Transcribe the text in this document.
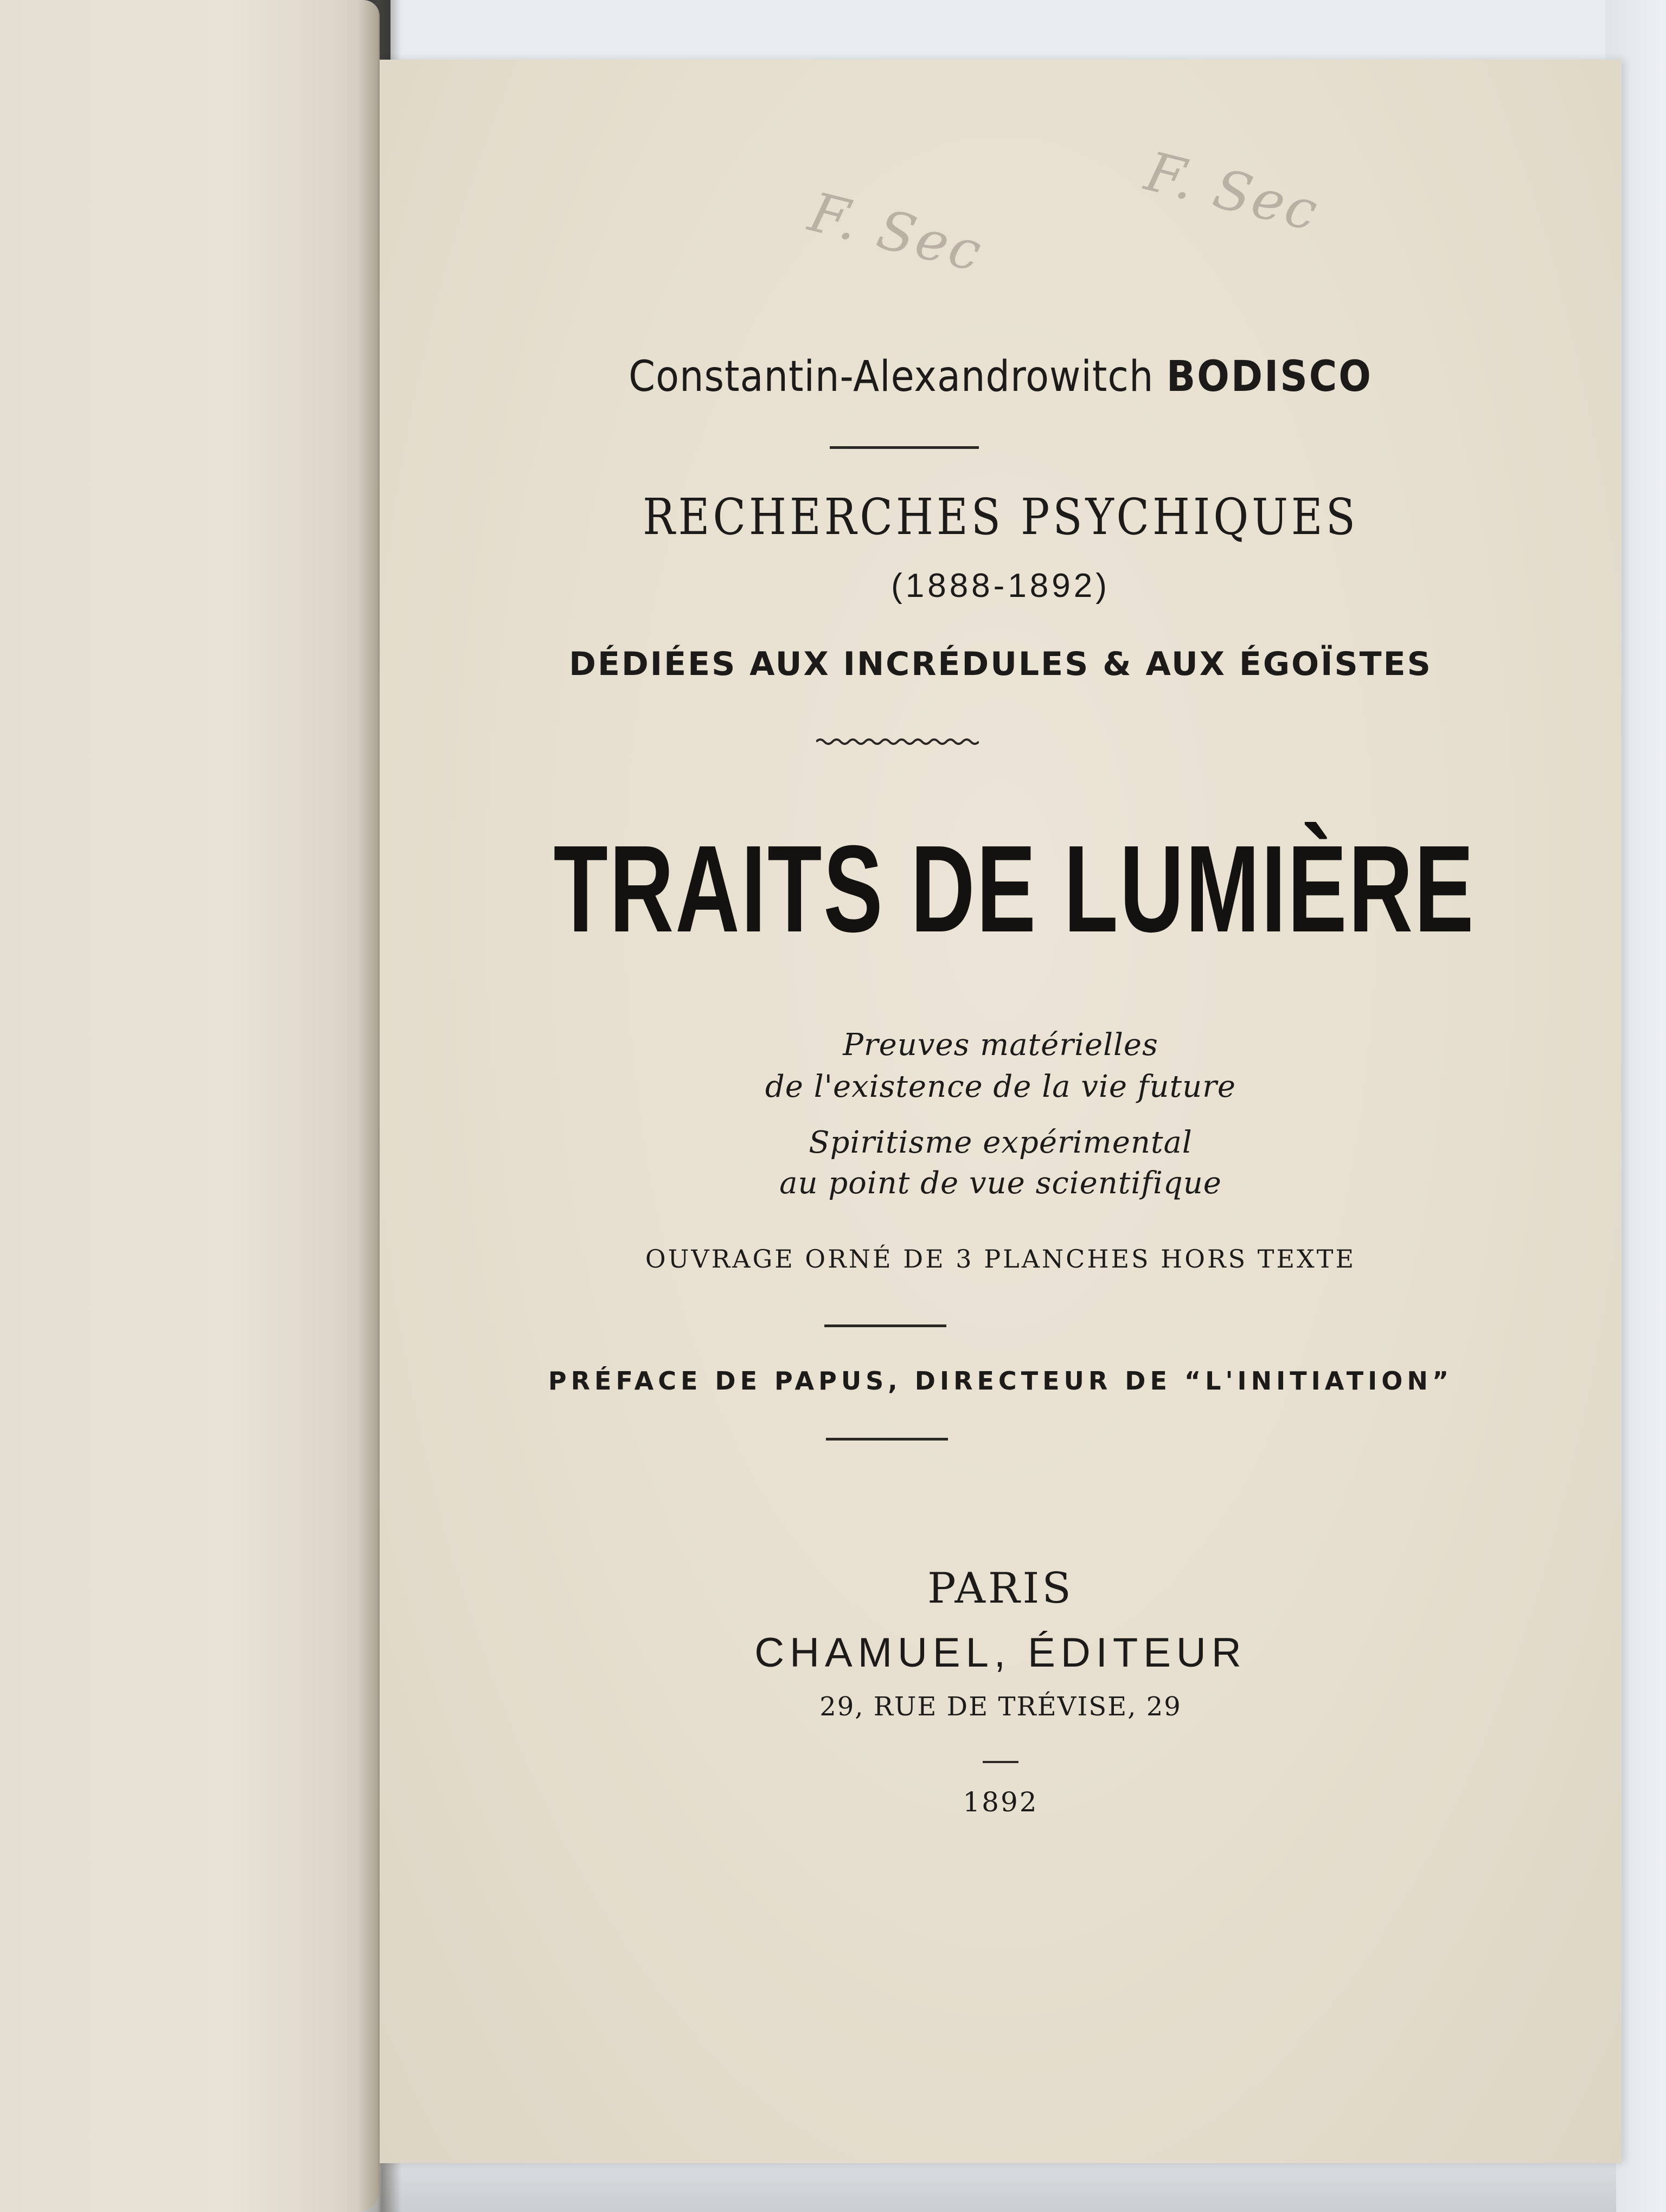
F. Sec	F. Sec
Constantin-Alexandrowitch BODISCO
RECHERCHES PSYCHIQUES
(1888-1892)
DÉDIÉES AUX INCRÉDULES & AUX ÉGOÏSTES
TRAITS DE LUMIÈRE
Preuves matérielles
de l'existence de la vie future
Spiritisme expérimental
au point de vue scientifique
OUVRAGE ORNÉ DE 3 PLANCHES HORS TEXTE
PRÉFACE DE PAPUS, DIRECTEUR DE “L'INITIATION”
PARIS
CHAMUEL, ÉDITEUR
29, RUE DE TRÉVISE, 29
1892
